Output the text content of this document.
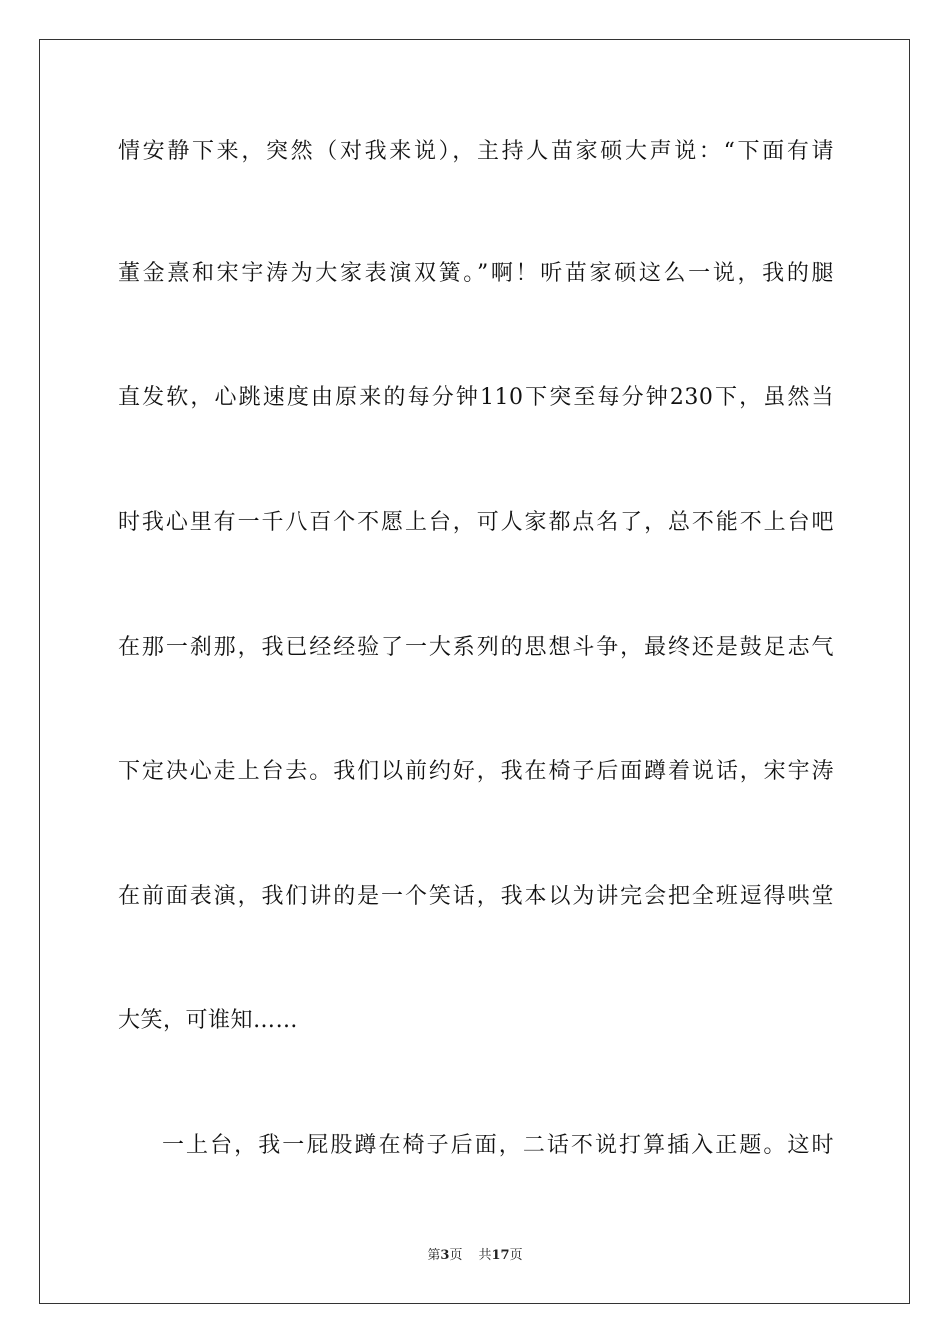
情安静下来，突然（对我来说），主持人苗家硕大声说：“下面有请
董金熹和宋宇涛为大家表演双簧。”啊！听苗家硕这么一说，我的腿
直发软，心跳速度由原来的每分钟110下突至每分钟230下，虽然当
时我心里有一千八百个不愿上台，可人家都点名了，总不能不上台吧
在那一刹那，我已经经验了一大系列的思想斗争，最终还是鼓足志气
下定决心走上台去。我们以前约好，我在椅子后面蹲着说话，宋宇涛
在前面表演，我们讲的是一个笑话，我本以为讲完会把全班逗得哄堂
大笑，可谁知……
一上台，我一屁股蹲在椅子后面，二话不说打算插入正题。这时
第3页 共17页
